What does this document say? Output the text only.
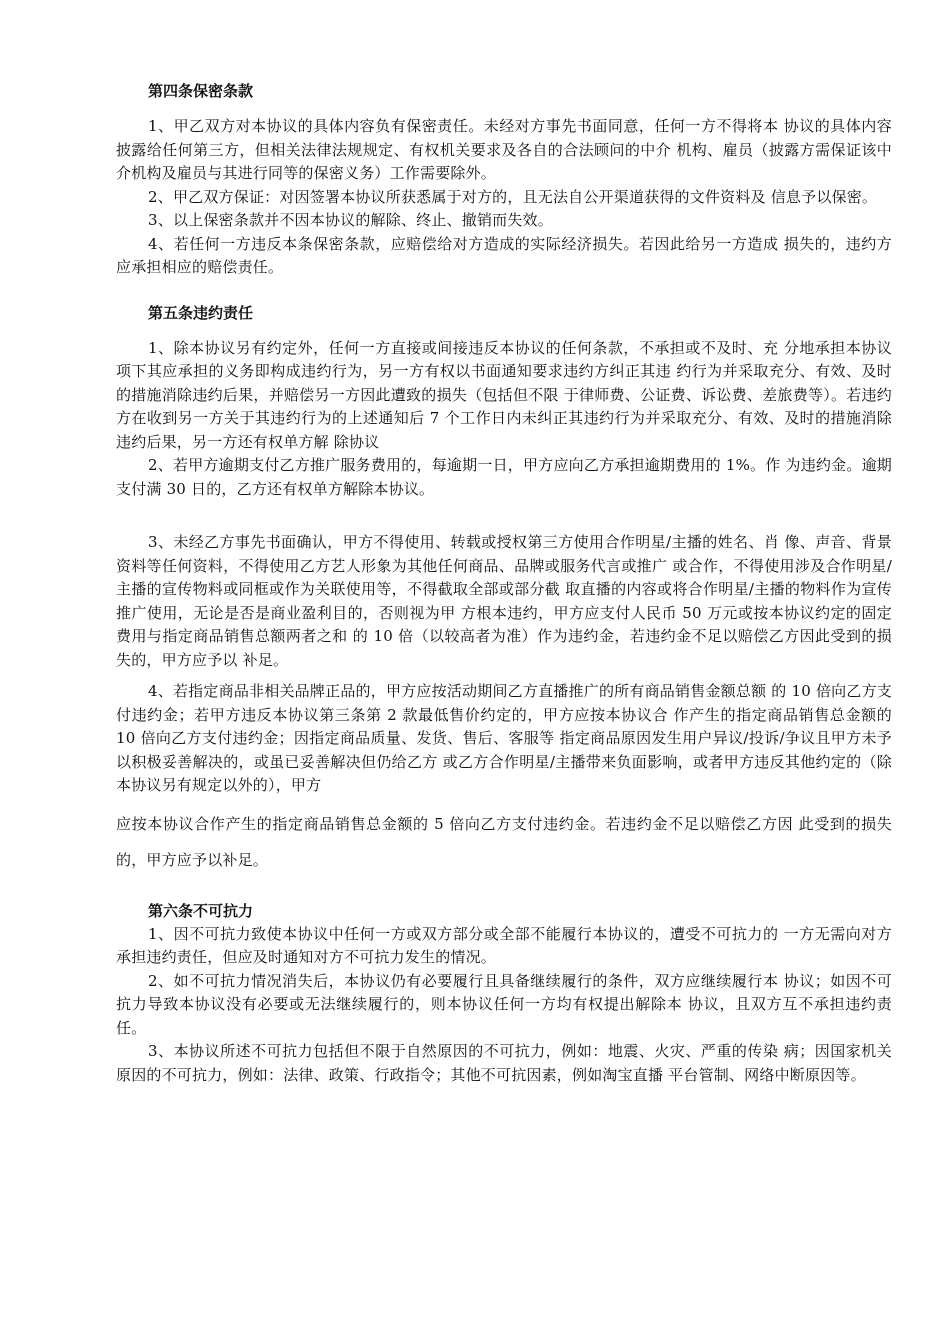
第四条保密条款

1、甲乙双方对本协议的具体内容负有保密责任。未经对方事先书面同意，任何一方不得将本 协议的具体内容披露给任何第三方，但相关法律法规规定、有权机关要求及各自的合法顾问的中介 机构、雇员（披露方需保证该中介机构及雇员与其进行同等的保密义务）工作需要除外。

2、甲乙双方保证：对因签署本协议所获悉属于对方的，且无法自公开渠道获得的文件资料及 信息予以保密。

3、以上保密条款并不因本协议的解除、终止、撤销而失效。

4、若任何一方违反本条保密条款，应赔偿给对方造成的实际经济损失。若因此给另一方造成 损失的，违约方应承担相应的赔偿责任。

第五条违约责任

1、除本协议另有约定外，任何一方直接或间接违反本协议的任何条款，不承担或不及时、充 分地承担本协议项下其应承担的义务即构成违约行为，另一方有权以书面通知要求违约方纠正其违 约行为并采取充分、有效、及时的措施消除违约后果，并赔偿另一方因此遭致的损失（包括但不限 于律师费、公证费、诉讼费、差旅费等）。若违约方在收到另一方关于其违约行为的上述通知后 7 个工作日内未纠正其违约行为并采取充分、有效、及时的措施消除违约后果，另一方还有权单方解 除协议

2、若甲方逾期支付乙方推广服务费用的，每逾期一日，甲方应向乙方承担逾期费用的 1%。作 为违约金。逾期支付满 30 日的，乙方还有权单方解除本协议。

3、未经乙方事先书面确认，甲方不得使用、转载或授权第三方使用合作明星/主播的姓名、肖 像、声音、背景资料等任何资料，不得使用乙方艺人形象为其他任何商品、品牌或服务代言或推广 或合作，不得使用涉及合作明星/主播的宣传物料或同框或作为关联使用等，不得截取全部或部分截 取直播的内容或将合作明星/主播的物料作为宣传推广使用，无论是否是商业盈利目的，否则视为甲 方根本违约，甲方应支付人民币 50 万元或按本协议约定的固定费用与指定商品销售总额两者之和 的 10 倍（以较高者为准）作为违约金，若违约金不足以赔偿乙方因此受到的损失的，甲方应予以 补足。

4、若指定商品非相关品牌正品的，甲方应按活动期间乙方直播推广的所有商品销售金额总额 的 10 倍向乙方支付违约金；若甲方违反本协议第三条第 2 款最低售价约定的，甲方应按本协议合 作产生的指定商品销售总金额的 10 倍向乙方支付违约金；因指定商品质量、发货、售后、客服等 指定商品原因发生用户异议/投诉/争议且甲方未予以积极妥善解决的，或虽已妥善解决但仍给乙方 或乙方合作明星/主播带来负面影响，或者甲方违反其他约定的（除本协议另有规定以外的），甲方

应按本协议合作产生的指定商品销售总金额的 5 倍向乙方支付违约金。若违约金不足以赔偿乙方因 此受到的损失的，甲方应予以补足。

第六条不可抗力

1、因不可抗力致使本协议中任何一方或双方部分或全部不能履行本协议的，遭受不可抗力的 一方无需向对方承担违约责任，但应及时通知对方不可抗力发生的情况。

2、如不可抗力情况消失后，本协议仍有必要履行且具备继续履行的条件，双方应继续履行本 协议；如因不可抗力导致本协议没有必要或无法继续履行的，则本协议任何一方均有权提出解除本 协议，且双方互不承担违约责任。

3、本协议所述不可抗力包括但不限于自然原因的不可抗力，例如：地震、火灾、严重的传染 病；因国家机关原因的不可抗力，例如：法律、政策、行政指令；其他不可抗因素，例如淘宝直播 平台管制、网络中断原因等。
